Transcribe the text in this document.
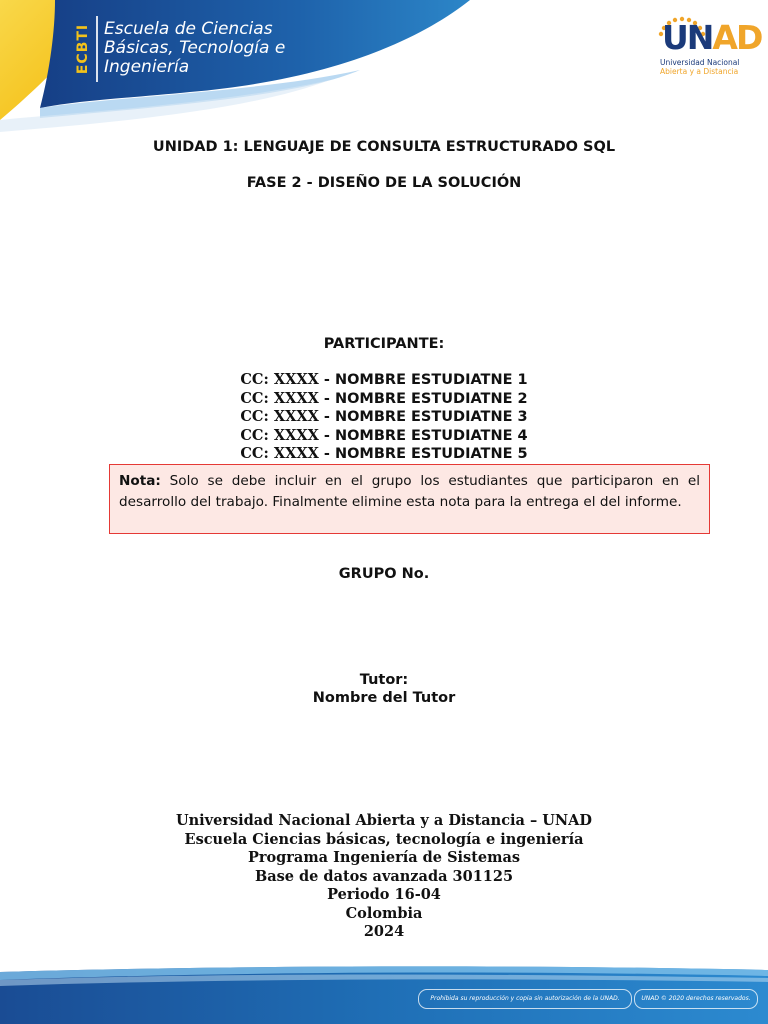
ECBTI Escuela de Ciencias
Básicas, Tecnología e
Ingeniería
UNAD
Universidad Nacional
Abierta y a Distancia
UNIDAD 1: LENGUAJE DE CONSULTA ESTRUCTURADO SQL
FASE 2 - DISEÑO DE LA SOLUCIÓN
PARTICIPANTE:
CC: XXXX - NOMBRE ESTUDIATNE 1
CC: XXXX - NOMBRE ESTUDIATNE 2
CC: XXXX - NOMBRE ESTUDIATNE 3
CC: XXXX - NOMBRE ESTUDIATNE 4
CC: XXXX - NOMBRE ESTUDIATNE 5
Nota: Solo se debe incluir en el grupo los estudiantes que participaron en el desarrollo del trabajo. Finalmente elimine esta nota para la entrega el del informe.
GRUPO No.
Tutor:
Nombre del Tutor
Universidad Nacional Abierta y a Distancia – UNAD
Escuela Ciencias básicas, tecnología e ingeniería
Programa Ingeniería de Sistemas
Base de datos avanzada 301125
Periodo 16-04
Colombia
2024
Prohibida su reproducción y copia sin autorización de la UNAD.	UNAD © 2020 derechos reservados.
